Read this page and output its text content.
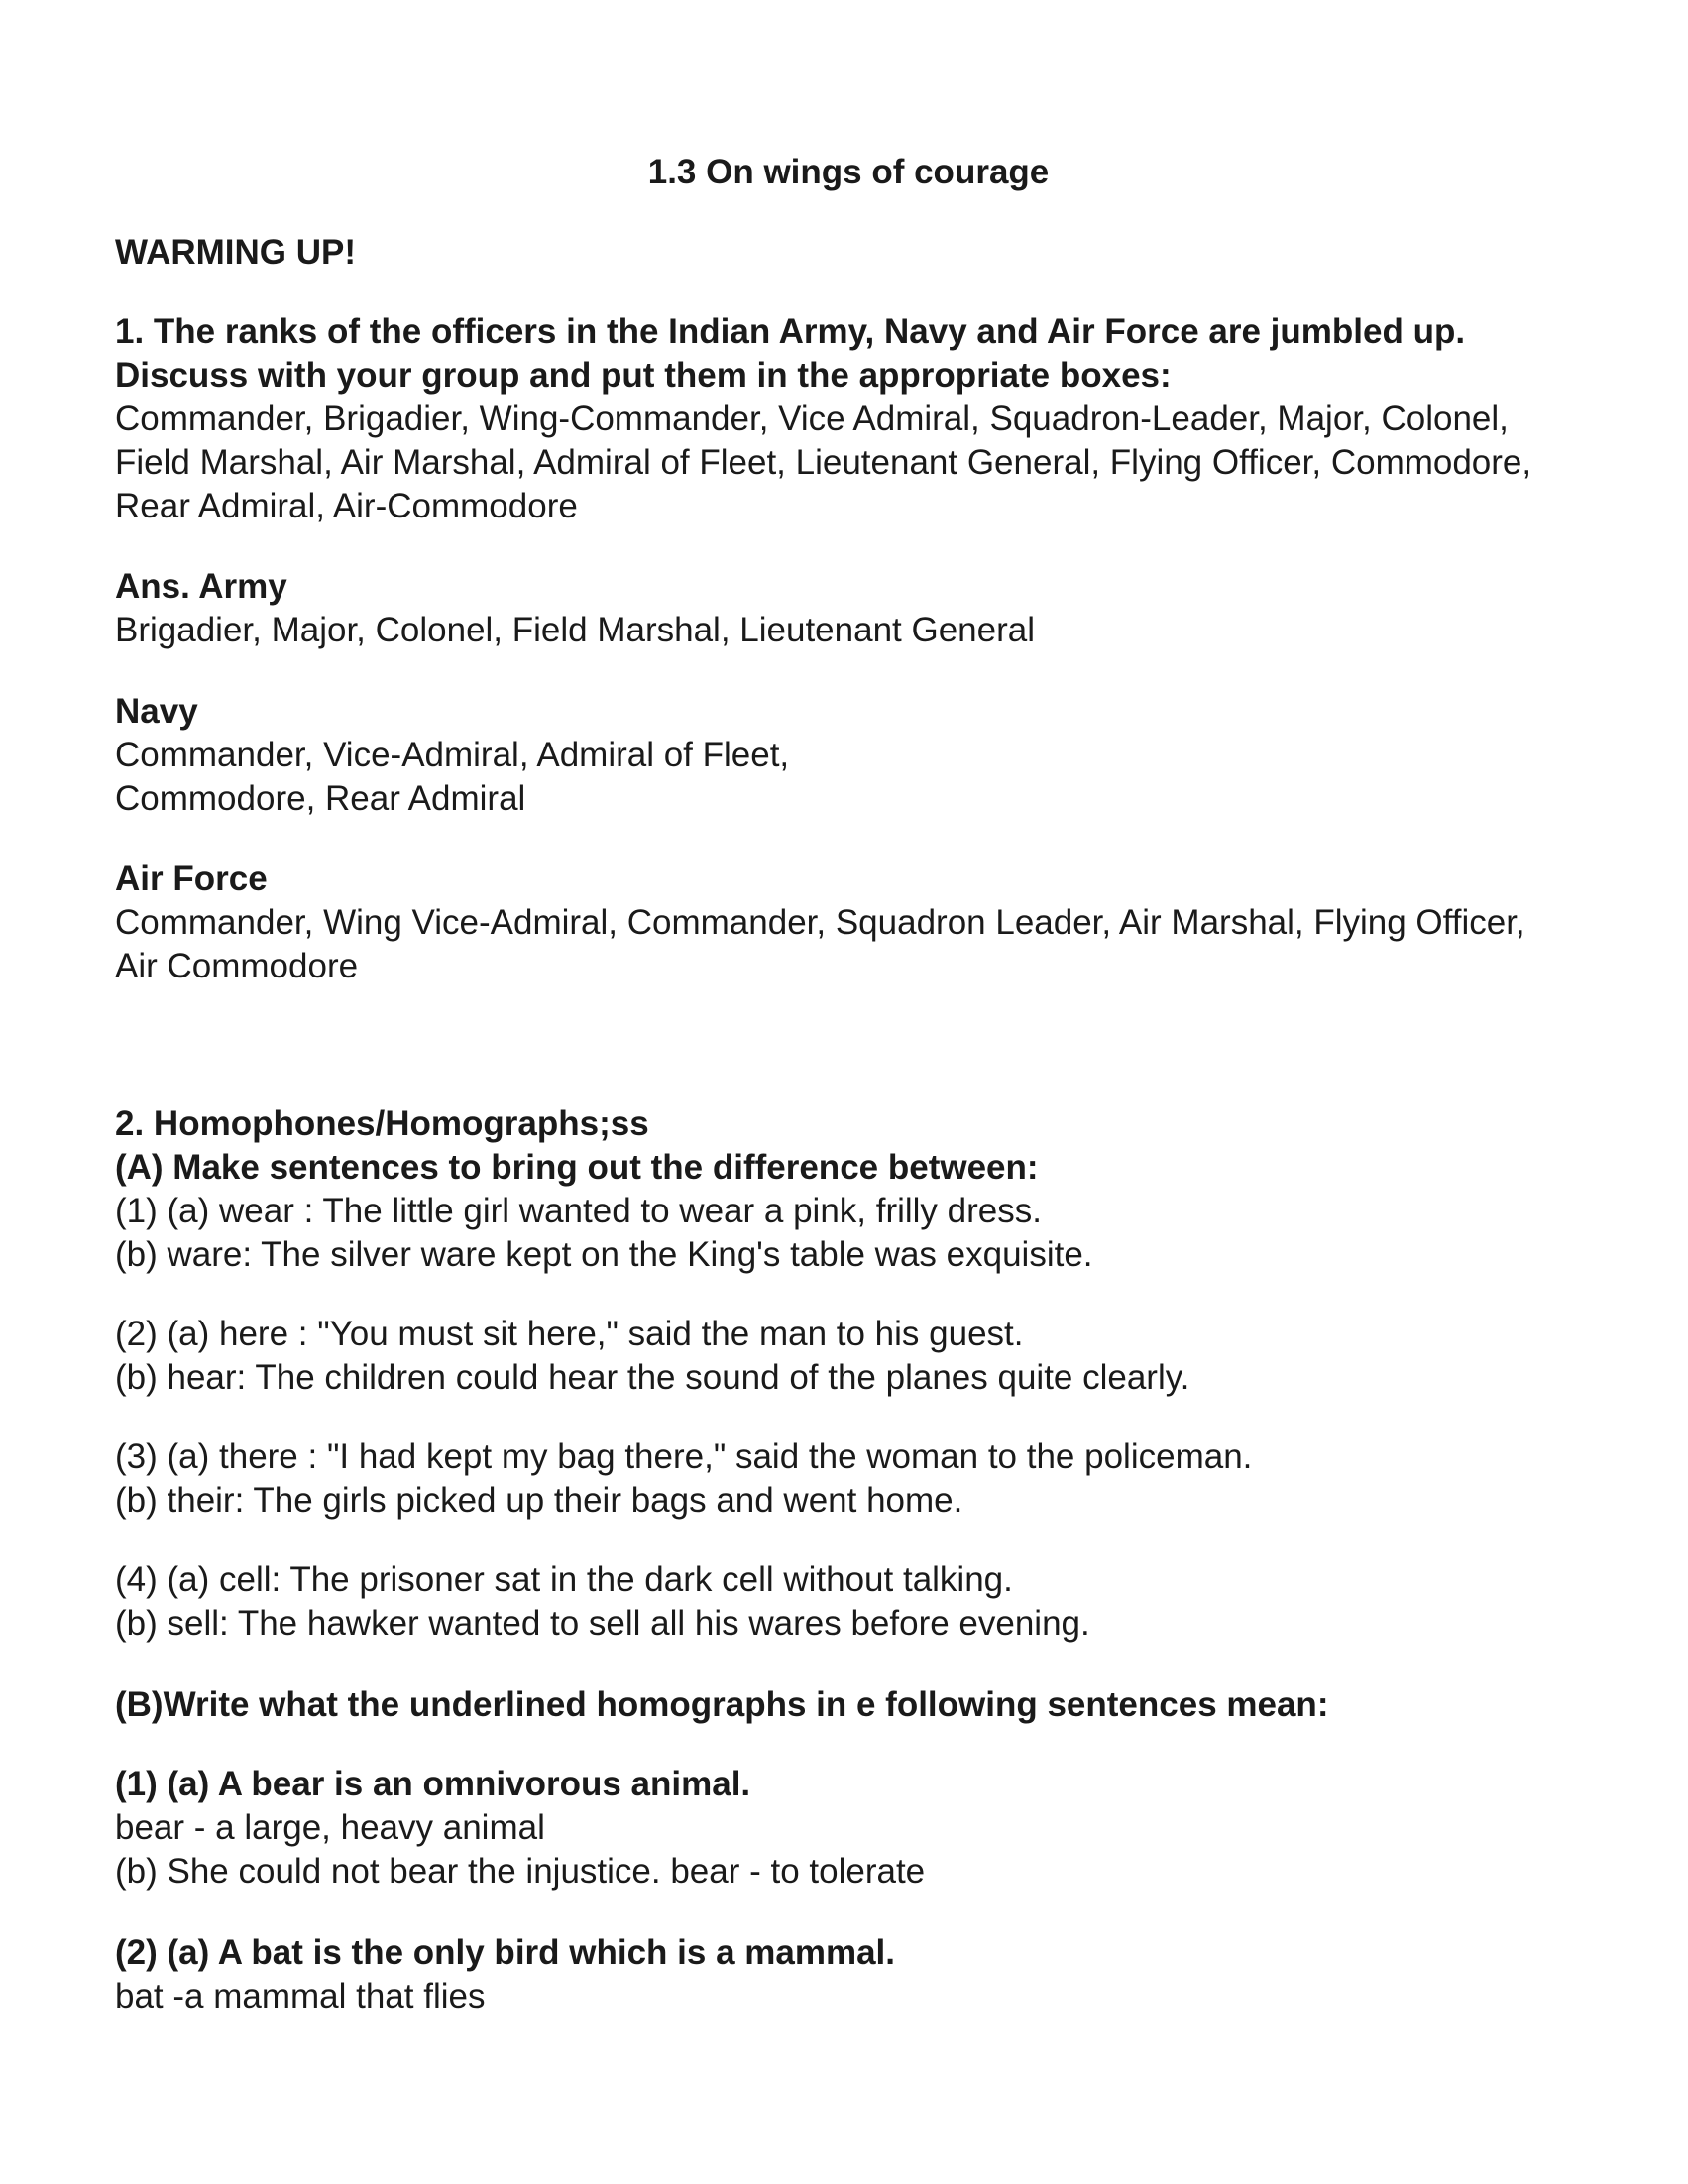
1.3 On wings of courage
WARMING UP!
1. The ranks of the officers in the Indian Army, Navy and Air Force are jumbled up.
Discuss with your group and put them in the appropriate boxes:
Commander, Brigadier, Wing-Commander, Vice Admiral, Squadron-Leader, Major, Colonel,
Field Marshal, Air Marshal, Admiral of Fleet, Lieutenant General, Flying Officer, Commodore,
Rear Admiral, Air-Commodore
Ans. Army
Brigadier, Major, Colonel, Field Marshal, Lieutenant General
Navy
Commander, Vice-Admiral, Admiral of Fleet,
Commodore, Rear Admiral
Air Force
Commander, Wing Vice-Admiral, Commander, Squadron Leader, Air Marshal, Flying Officer,
Air Commodore
2. Homophones/Homographs;ss
(A) Make sentences to bring out the difference between:
(1) (a) wear : The little girl wanted to wear a pink, frilly dress.
(b) ware: The silver ware kept on the King's table was exquisite.
(2) (a) here : "You must sit here," said the man to his guest.
(b) hear: The children could hear the sound of the planes quite clearly.
(3) (a) there : "I had kept my bag there," said the woman to the policeman.
(b) their: The girls picked up their bags and went home.
(4) (a) cell: The prisoner sat in the dark cell without talking.
(b) sell: The hawker wanted to sell all his wares before evening.
(B)Write what the underlined homographs in e following sentences mean:
(1) (a) A bear is an omnivorous animal.
bear - a large, heavy animal
(b) She could not bear the injustice. bear - to tolerate
(2) (a) A bat is the only bird which is a mammal.
bat -a mammal that flies
